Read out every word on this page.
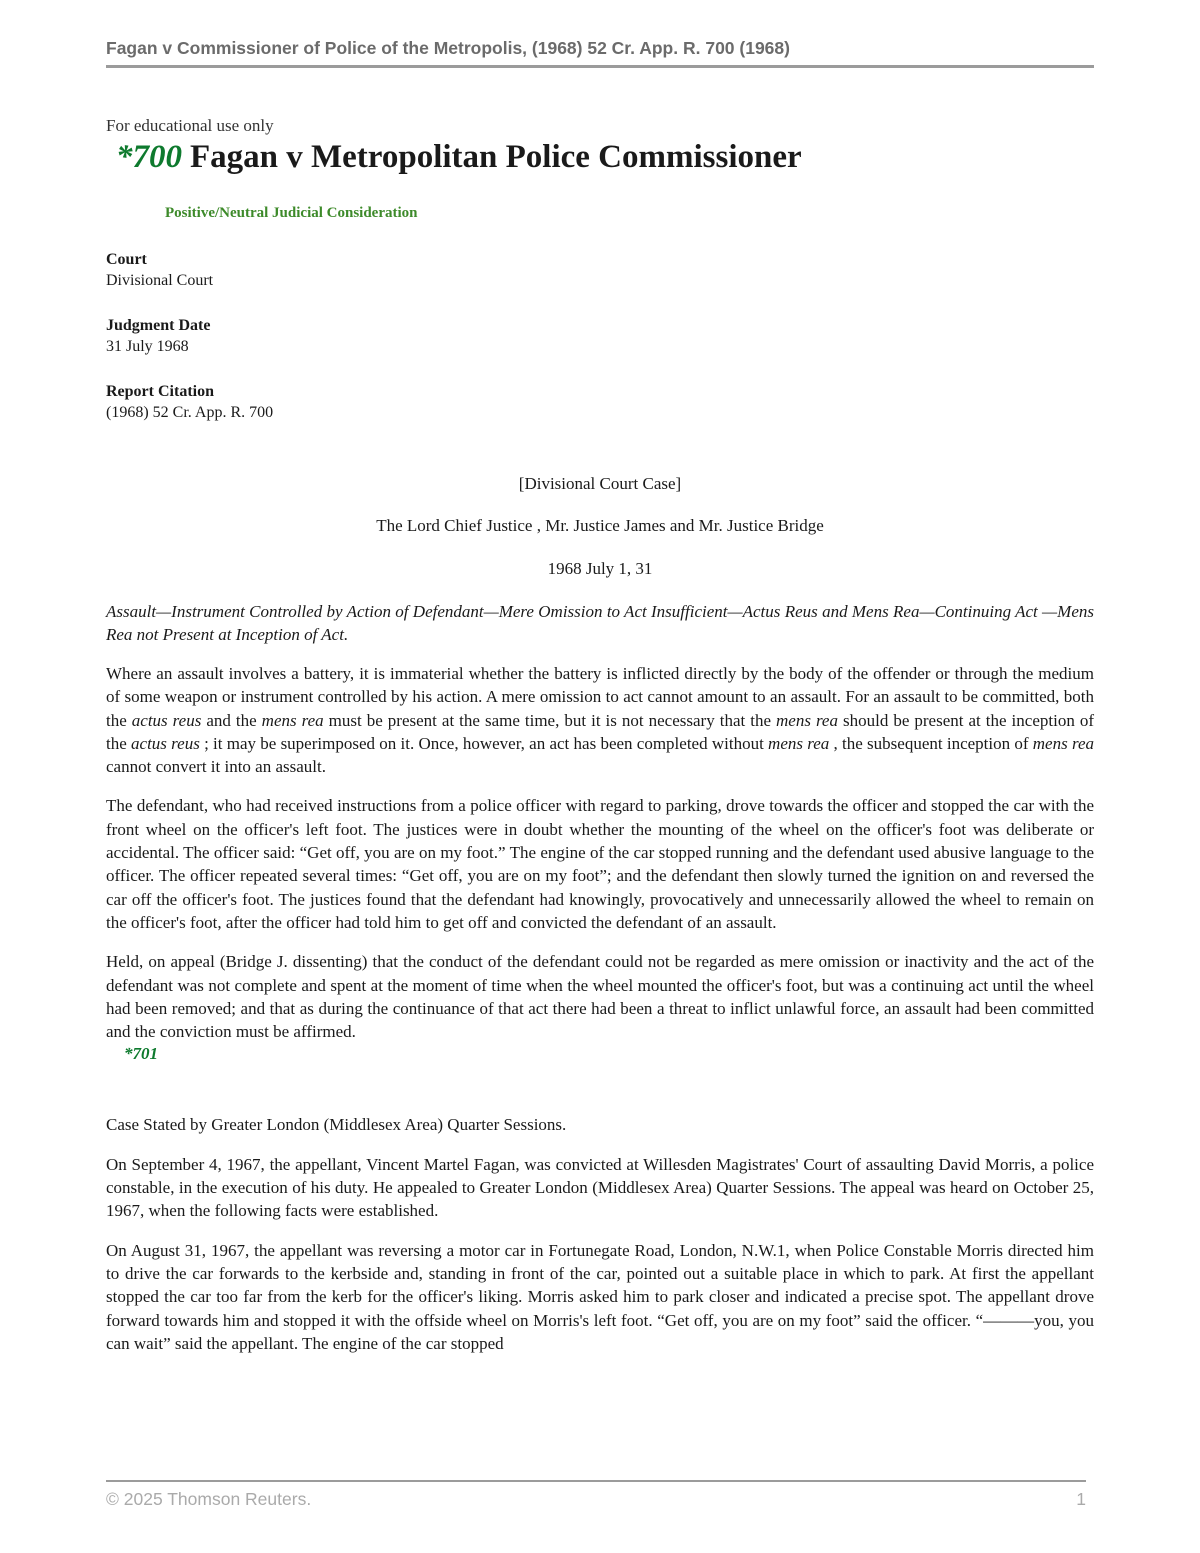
Fagan v Commissioner of Police of the Metropolis, (1968) 52 Cr. App. R. 700 (1968)

For educational use only

*700 Fagan v Metropolitan Police Commissioner

Positive/Neutral Judicial Consideration

Court

Divisional Court

Judgment Date

31 July 1968

Report Citation

(1968) 52 Cr. App. R. 700

[Divisional Court Case]

The Lord Chief Justice , Mr. Justice James and Mr. Justice Bridge

1968 July 1, 31

Assault—Instrument Controlled by Action of Defendant—Mere Omission to Act Insufficient—Actus Reus and Mens Rea—Continuing Act —Mens Rea not Present at Inception of Act.

Where an assault involves a battery, it is immaterial whether the battery is inflicted directly by the body of the offender or through the medium of some weapon or instrument controlled by his action. A mere omission to act cannot amount to an assault. For an assault to be committed, both the actus reus and the mens rea must be present at the same time, but it is not necessary that the mens rea should be present at the inception of the actus reus ; it may be superimposed on it. Once, however, an act has been completed without mens rea , the subsequent inception of mens rea cannot convert it into an assault.

The defendant, who had received instructions from a police officer with regard to parking, drove towards the officer and stopped the car with the front wheel on the officer's left foot. The justices were in doubt whether the mounting of the wheel on the officer's foot was deliberate or accidental. The officer said: “Get off, you are on my foot.” The engine of the car stopped running and the defendant used abusive language to the officer. The officer repeated several times: “Get off, you are on my foot”; and the defendant then slowly turned the ignition on and reversed the car off the officer's foot. The justices found that the defendant had knowingly, provocatively and unnecessarily allowed the wheel to remain on the officer's foot, after the officer had told him to get off and convicted the defendant of an assault.

Held, on appeal (Bridge J. dissenting) that the conduct of the defendant could not be regarded as mere omission or inactivity and the act of the defendant was not complete and spent at the moment of time when the wheel mounted the officer's foot, but was a continuing act until the wheel had been removed; and that as during the continuance of that act there had been a threat to inflict unlawful force, an assault had been committed and the conviction must be affirmed.

*701

Case Stated by Greater London (Middlesex Area) Quarter Sessions.

On September 4, 1967, the appellant, Vincent Martel Fagan, was convicted at Willesden Magistrates' Court of assaulting David Morris, a police constable, in the execution of his duty. He appealed to Greater London (Middlesex Area) Quarter Sessions. The appeal was heard on October 25, 1967, when the following facts were established.

On August 31, 1967, the appellant was reversing a motor car in Fortunegate Road, London, N.W.1, when Police Constable Morris directed him to drive the car forwards to the kerbside and, standing in front of the car, pointed out a suitable place in which to park. At first the appellant stopped the car too far from the kerb for the officer's liking. Morris asked him to park closer and indicated a precise spot. The appellant drove forward towards him and stopped it with the offside wheel on Morris's left foot. “Get off, you are on my foot” said the officer. “———you, you can wait” said the appellant. The engine of the car stopped

© 2025 Thomson Reuters.	1
